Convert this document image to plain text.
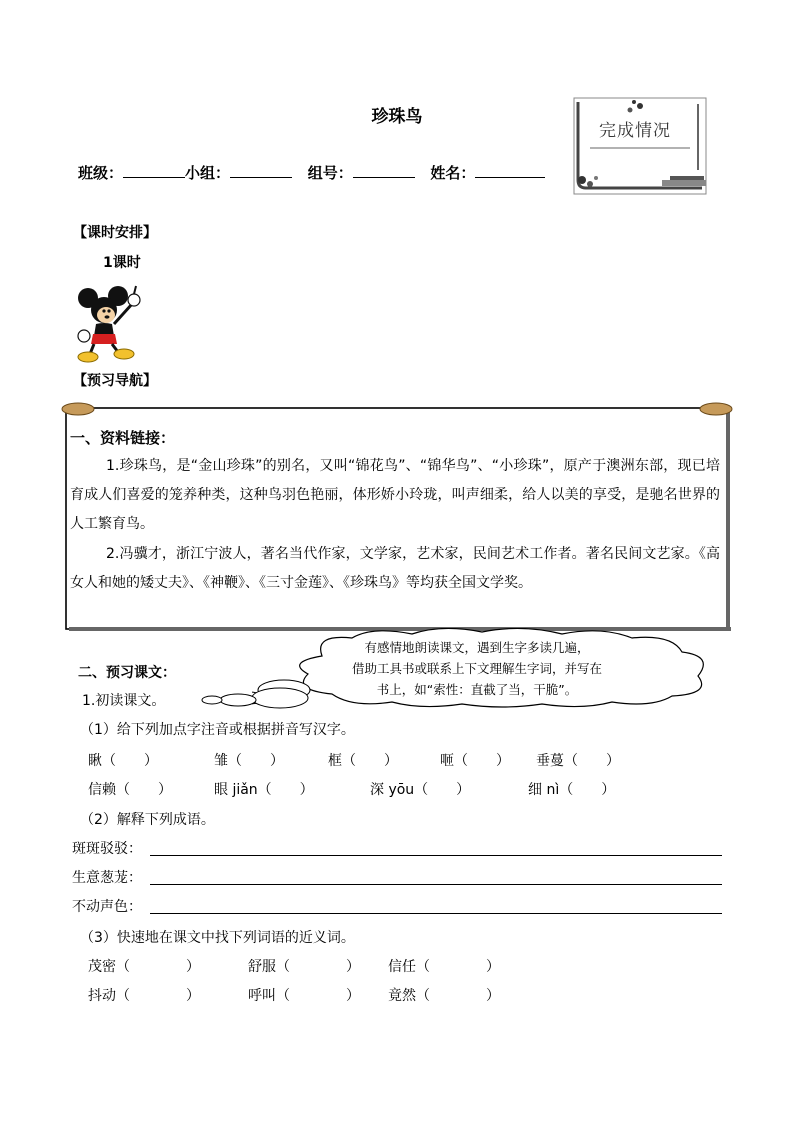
珍珠鸟
班级：	小组：	组号：	姓名：
完成情况
【课时安排】
1课时
【预习导航】
一、资料链接：
1.珍珠鸟，是“金山珍珠”的别名，又叫“锦花鸟”、“锦华鸟”、“小珍珠”，原产于澳洲东部，现已培育成人们喜爱的笼养种类，这种鸟羽色艳丽，体形娇小玲珑，叫声细柔，给人以美的享受，是驰名世界的人工繁育鸟。
2.冯骥才，浙江宁波人，著名当代作家，文学家，艺术家，民间艺术工作者。著名民间文艺家。《高女人和她的矮丈夫》、《神鞭》、《三寸金莲》、《珍珠鸟》等均获全国文学奖。
有感情地朗读课文，遇到生字多读几遍，
借助工具书或联系上下文理解生字词，并写在
书上，如“索性：直截了当，干脆”。
二、预习课文：
1.初读课文。
（1）给下列加点字注音或根据拼音写汉字。
瞅（　　）	雏（　　）	框（　　）	咂（　　） 垂蔓（　　）
信赖（　　）	眼 jiǎn（　　）	深 yōu（　　）	细 nì（　　）
（2）解释下列成语。
斑斑驳驳：
生意葱茏：
不动声色：
（3）快速地在课文中找下列词语的近义词。
茂密（　　　　）	舒服（　　　　） 信任（　　　　）
抖动（　　　　）	呼叫（　　　　） 竟然（　　　　）
